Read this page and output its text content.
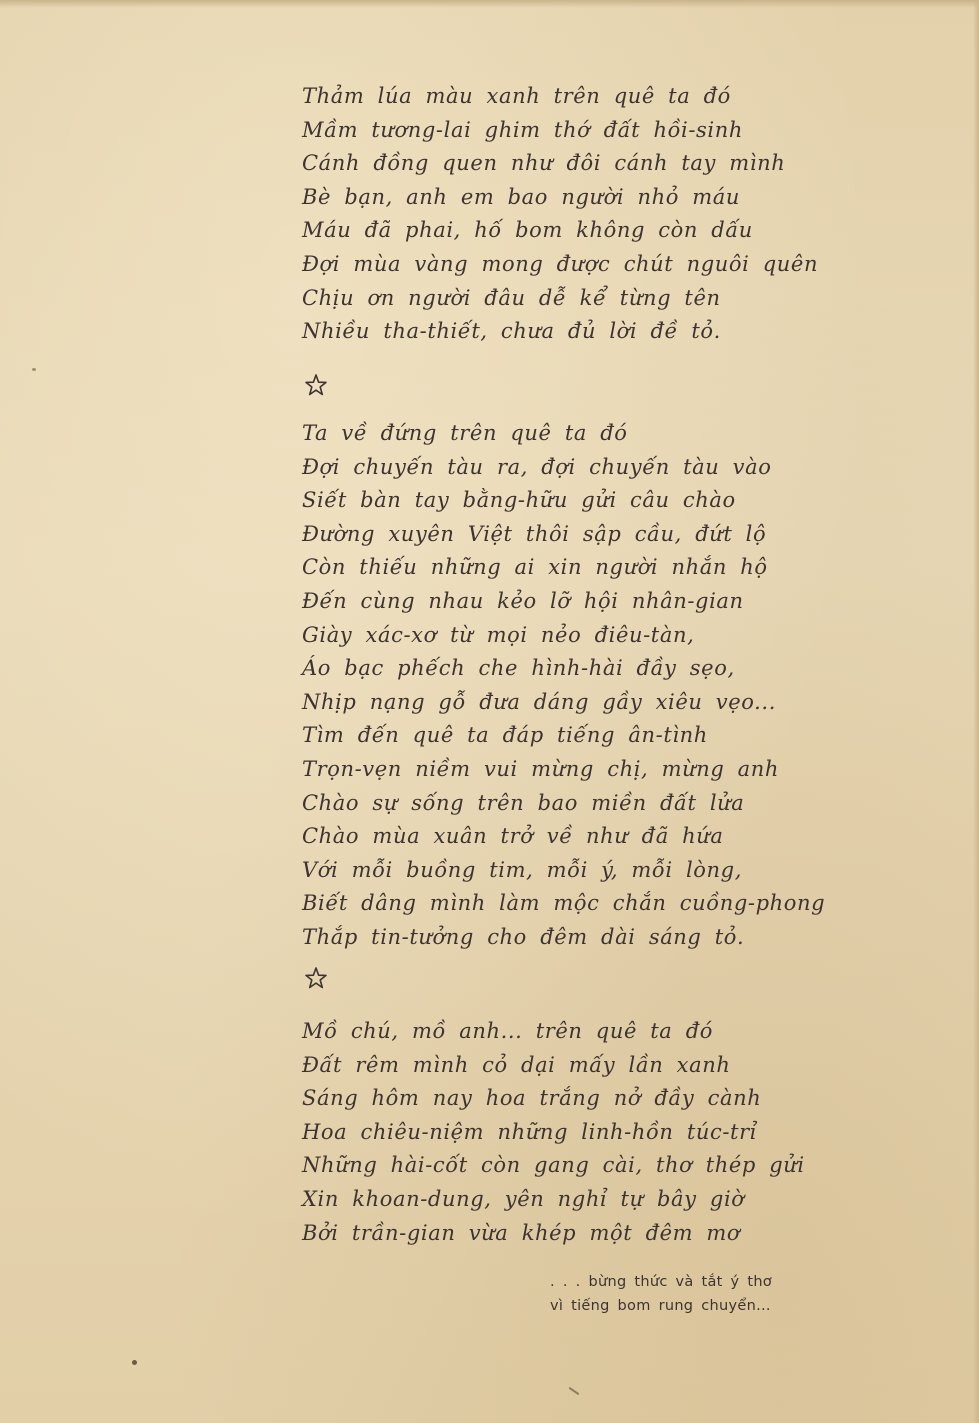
Thảm lúa màu xanh trên quê ta đó
Mầm tương-lai ghim thớ đất hồi-sinh
Cánh đồng quen như đôi cánh tay mình
Bè bạn, anh em bao người nhỏ máu
Máu đã phai, hố bom không còn dấu
Đợi mùa vàng mong được chút nguôi quên
Chịu ơn người đâu dễ kể từng tên
Nhiều tha-thiết, chưa đủ lời đề tỏ.
Ta về đứng trên quê ta đó
Đợi chuyến tàu ra, đợi chuyến tàu vào
Siết bàn tay bằng-hữu gửi câu chào
Đường xuyên Việt thôi sập cầu, đứt lộ
Còn thiếu những ai xin người nhắn hộ
Đến cùng nhau kẻo lỡ hội nhân-gian
Giày xác-xơ từ mọi nẻo điêu-tàn,
Áo bạc phếch che hình-hài đầy sẹo,
Nhịp nạng gỗ đưa dáng gầy xiêu vẹo...
Tìm đến quê ta đáp tiếng ân-tình
Trọn-vẹn niềm vui mừng chị, mừng anh
Chào sự sống trên bao miền đất lửa
Chào mùa xuân trở về như đã hứa
Với mỗi buồng tim, mỗi ý, mỗi lòng,
Biết dâng mình làm mộc chắn cuồng-phong
Thắp tin-tưởng cho đêm dài sáng tỏ.
Mồ chú, mồ anh... trên quê ta đó
Đất rêm mình cỏ dại mấy lần xanh
Sáng hôm nay hoa trắng nở đầy cành
Hoa chiêu-niệm những linh-hồn túc-trỉ
Những hài-cốt còn gang cài, thơ thép gửi
Xin khoan-dung, yên nghỉ tự bây giờ
Bởi trần-gian vừa khép một đêm mơ
. . . bừng thức và tắt ý thơ
vì tiếng bom rung chuyển...
